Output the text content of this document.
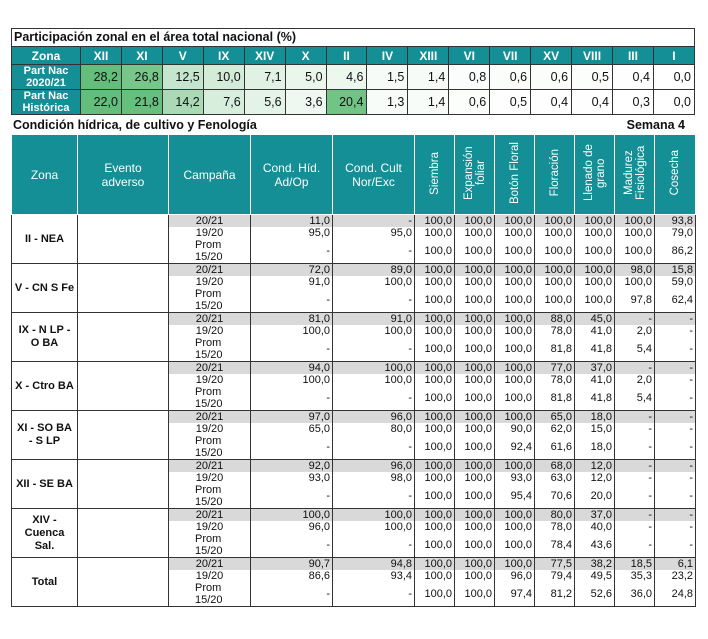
Participación zonal en el área total nacional (%)
Zona	XII	XI	V	IX	XIV	X	II	IV	XIII	VI	VII	XV	VIII	III	I

Part Nac
2020/21	28,2	26,8	12,5	10,0	7,1	5,0	4,6	1,5	1,4	0,8	0,6	0,6	0,5	0,4	0,0

Part Nac
Histórica	22,0	21,8	14,2	7,6	5,6	3,6	20,4	1,3	1,4	0,6	0,5	0,4	0,4	0,3	0,0
Condición hídrica, de cultivo y Fenología	Semana 4
Zona	Evento adverso	Campaña	Cond. Híd. Ad/Op	Cond. Cult Nor/Exc	Siembra	Expansión foliar	Botón Floral	Floración	Llenado de grano	Madurez Fisiológica	Cosecha
II - NEA		20/21	11,0	-	100,0	100,0	100,0	100,0	100,0	100,0	93,8
		19/20	95,0	95,0	100,0	100,0	100,0	100,0	100,0	100,0	79,0
		Prom 15/20	-	-	100,0	100,0	100,0	100,0	100,0	100,0	86,2
V - CN S Fe		20/21	72,0	89,0	100,0	100,0	100,0	100,0	100,0	98,0	15,8
		19/20	91,0	100,0	100,0	100,0	100,0	100,0	100,0	100,0	59,0
		Prom 15/20	-	-	100,0	100,0	100,0	100,0	100,0	97,8	62,4
IX - N LP - O BA		20/21	81,0	91,0	100,0	100,0	100,0	88,0	45,0	-	-
		19/20	100,0	100,0	100,0	100,0	100,0	78,0	41,0	2,0	-
		Prom 15/20	-	-	100,0	100,0	100,0	81,8	41,8	5,4	-
X - Ctro BA		20/21	94,0	100,0	100,0	100,0	100,0	77,0	37,0	-	-
		19/20	100,0	100,0	100,0	100,0	100,0	78,0	41,0	2,0	-
		Prom 15/20	-	-	100,0	100,0	100,0	81,8	41,8	5,4	-
XI - SO BA - S LP		20/21	97,0	96,0	100,0	100,0	100,0	65,0	18,0	-	-
		19/20	65,0	80,0	100,0	100,0	90,0	62,0	15,0	-	-
		Prom 15/20	-	-	100,0	100,0	92,4	61,6	18,0	-	-
XII - SE BA		20/21	92,0	96,0	100,0	100,0	100,0	68,0	12,0	-	-
		19/20	93,0	98,0	100,0	100,0	93,0	63,0	12,0	-	-
		Prom 15/20	-	-	100,0	100,0	95,4	70,6	20,0	-	-
XIV - Cuenca Sal.		20/21	100,0	100,0	100,0	100,0	100,0	80,0	37,0	-	-
		19/20	96,0	100,0	100,0	100,0	100,0	78,0	40,0	-	-
		Prom 15/20	-	-	100,0	100,0	100,0	78,4	43,6	-	-
Total		20/21	90,7	94,8	100,0	100,0	100,0	77,5	38,2	18,5	6,1
		19/20	86,6	93,4	100,0	100,0	96,0	79,4	49,5	35,3	23,2
		Prom 15/20	-	-	100,0	100,0	97,4	81,2	52,6	36,0	24,8
